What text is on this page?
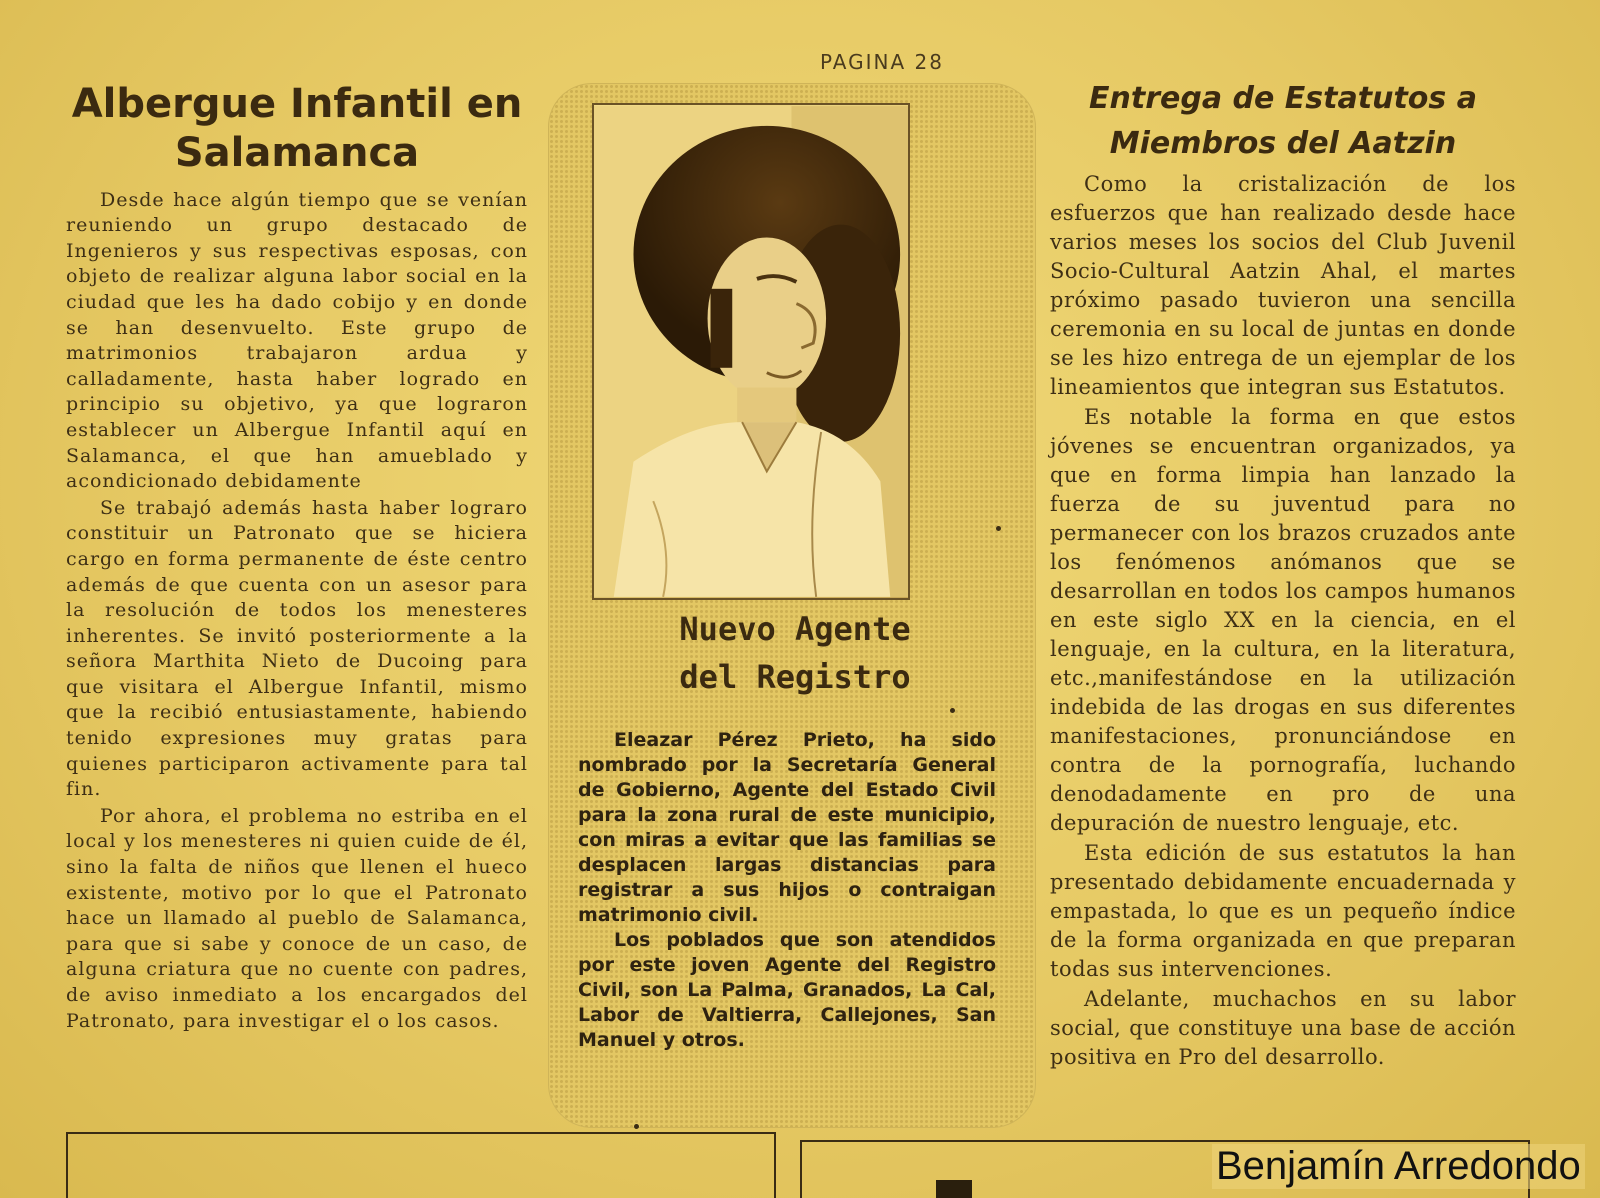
PAGINA 28
Albergue Infantil en Salamanca

Desde hace algún tiempo que se venían reuniendo un grupo destacado de Ingenieros y sus respectivas esposas, con objeto de realizar alguna labor social en la ciudad que les ha dado cobijo y en donde se han desenvuelto. Este grupo de matrimonios trabajaron ardua y calladamente, hasta haber logrado en principio su objetivo, ya que lograron establecer un Albergue Infantil aquí en Salamanca, el que han amueblado y acondicionado debidamente

Se trabajó además hasta haber lograro constituir un Patronato que se hiciera cargo en forma permanente de éste centro además de que cuenta con un asesor para la resolución de todos los menesteres inherentes. Se invitó posteriormente a la señora Marthita Nieto de Ducoing para que visitara el Albergue Infantil, mismo que la recibió entusiastamente, habiendo tenido expresiones muy gratas para quienes participaron activamente para tal fin.

Por ahora, el problema no estriba en el local y los menesteres ni quien cuide de él, sino la falta de niños que llenen el hueco existente, motivo por lo que el Patronato hace un llamado al pueblo de Salamanca, para que si sabe y conoce de un caso, de alguna criatura que no cuente con padres, de aviso inmediato a los encargados del Patronato, para investigar el o los casos.

Nuevo Agente
del Registro

Eleazar Pérez Prieto, ha sido nombrado por la Secretaría General de Gobierno, Agente del Estado Civil para la zona rural de este municipio, con miras a evitar que las familias se desplacen largas distancias para registrar a sus hijos o contraigan matrimonio civil.

Los poblados que son atendidos por este joven Agente del Registro Civil, son La Palma, Granados, La Cal, Labor de Valtierra, Callejones, San Manuel y otros.

Entrega de Estatutos a
Miembros del Aatzin

Como la cristalización de los esfuerzos que han realizado desde hace varios meses los socios del Club Juvenil Socio-Cultural Aatzin Ahal, el martes próximo pasado tuvieron una sencilla ceremonia en su local de juntas en donde se les hizo entrega de un ejemplar de los lineamientos que integran sus Estatutos.

Es notable la forma en que estos jóvenes se encuentran organizados, ya que en forma limpia han lanzado la fuerza de su juventud para no permanecer con los brazos cruzados ante los fenómenos anómanos que se desarrollan en todos los campos humanos en este siglo XX en la ciencia, en el lenguaje, en la cultura, en la literatura, etc.,manifestándose en la utilización indebida de las drogas en sus diferentes manifestaciones, pronunciándose en contra de la pornografía, luchando denodadamente en pro de una depuración de nuestro lenguaje, etc.

Esta edición de sus estatutos la han presentado debidamente encuadernada y empastada, lo que es un pequeño índice de la forma organizada en que preparan todas sus intervenciones.

Adelante, muchachos en su labor social, que constituye una base de acción positiva en Pro del desarrollo.

Benjamín Arredondo
